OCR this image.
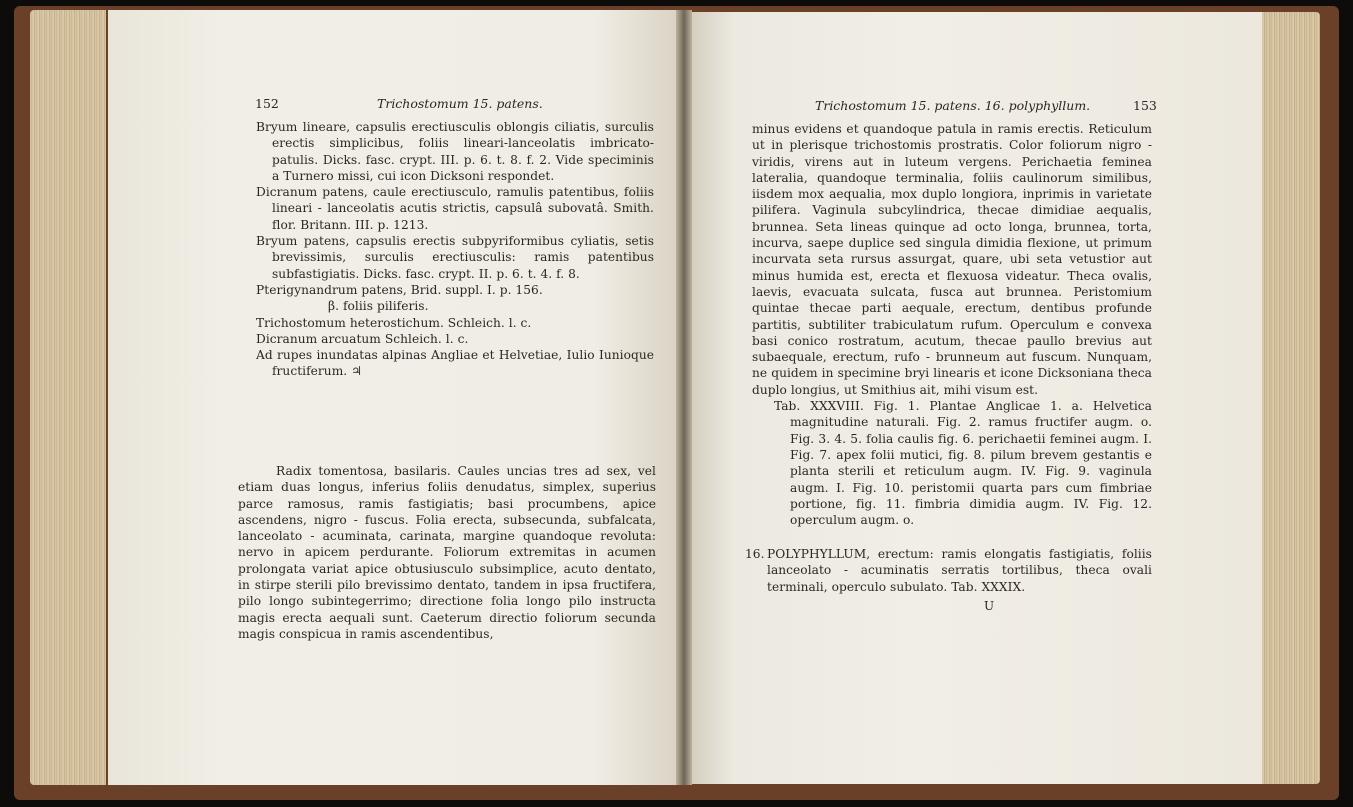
152	Trichostomum 15. patens.

Bryum lineare, capsulis erectiusculis oblongis ciliatis, surculis erectis simplicibus, foliis lineari-lanceolatis imbricato-patulis. Dicks. fasc. crypt. III. p. 6. t. 8. f. 2. Vide speciminis a Turnero missi, cui icon Dicksoni respondet.

Dicranum patens, caule erectiusculo, ramulis patentibus, foliis lineari - lanceolatis acutis strictis, capsulâ subovatâ. Smith. flor. Britann. III. p. 1213.

Bryum patens, capsulis erectis subpyriformibus cyliatis, setis brevissimis, surculis erectiusculis: ramis patentibus subfastigiatis. Dicks. fasc. crypt. II. p. 6. t. 4. f. 8.

Pterigynandrum patens, Brid. suppl. I. p. 156.

β. foliis piliferis.

Trichostomum heterostichum. Schleich. l. c.

Dicranum arcuatum Schleich. l. c.

Ad rupes inundatas alpinas Angliae et Helvetiae, Iulio Iunioque fructiferum. ♃

Radix tomentosa, basilaris. Caules uncias tres ad sex, vel etiam duas longus, inferius foliis denudatus, simplex, superius parce ramosus, ramis fastigiatis; basi procumbens, apice ascendens, nigro - fuscus. Folia erecta, subsecunda, subfalcata, lanceolato - acuminata, carinata, margine quandoque revoluta: nervo in apicem perdurante. Foliorum extremitas in acumen prolongata variat apice obtusiusculo subsimplice, acuto dentato, in stirpe sterili pilo brevissimo dentato, tandem in ipsa fructifera, pilo longo subintegerrimo; directione folia longo pilo instructa magis erecta aequali sunt. Caeterum directio foliorum secunda magis conspicua in ramis ascendentibus,

Trichostomum 15. patens. 16. polyphyllum.	153

minus evidens et quandoque patula in ramis erectis. Reticulum ut in plerisque trichostomis prostratis. Color foliorum nigro - viridis, virens aut in luteum vergens. Perichaetia feminea lateralia, quandoque terminalia, foliis caulinorum similibus, iisdem mox aequalia, mox duplo longiora, inprimis in varietate pilifera. Vaginula subcylindrica, thecae dimidiae aequalis, brunnea. Seta lineas quinque ad octo longa, brunnea, torta, incurva, saepe duplice sed singula dimidia flexione, ut primum incurvata seta rursus assurgat, quare, ubi seta vetustior aut minus humida est, erecta et flexuosa videatur. Theca ovalis, laevis, evacuata sulcata, fusca aut brunnea. Peristomium quintae thecae parti aequale, erectum, dentibus profunde partitis, subtiliter trabiculatum rufum. Operculum e convexa basi conico rostratum, acutum, thecae paullo brevius aut subaequale, erectum, rufo - brunneum aut fuscum. Nunquam, ne quidem in specimine bryi linearis et icone Dicksoniana theca duplo longius, ut Smithius ait, mihi visum est.

Tab. XXXVIII. Fig. 1. Plantae Anglicae 1. a. Helvetica magnitudine naturali. Fig. 2. ramus fructifer augm. o. Fig. 3. 4. 5. folia caulis fig. 6. perichaetii feminei augm. I. Fig. 7. apex folii mutici, fig. 8. pilum brevem gestantis e planta sterili et reticulum augm. IV. Fig. 9. vaginula augm. I. Fig. 10. peristomii quarta pars cum fimbriae portione, fig. 11. fimbria dimidia augm. IV. Fig. 12. operculum augm. o.

16. POLYPHYLLUM, erectum: ramis elongatis fastigiatis, foliis lanceolato - acuminatis serratis tortilibus, theca ovali terminali, operculo subulato. Tab. XXXIX.
U
